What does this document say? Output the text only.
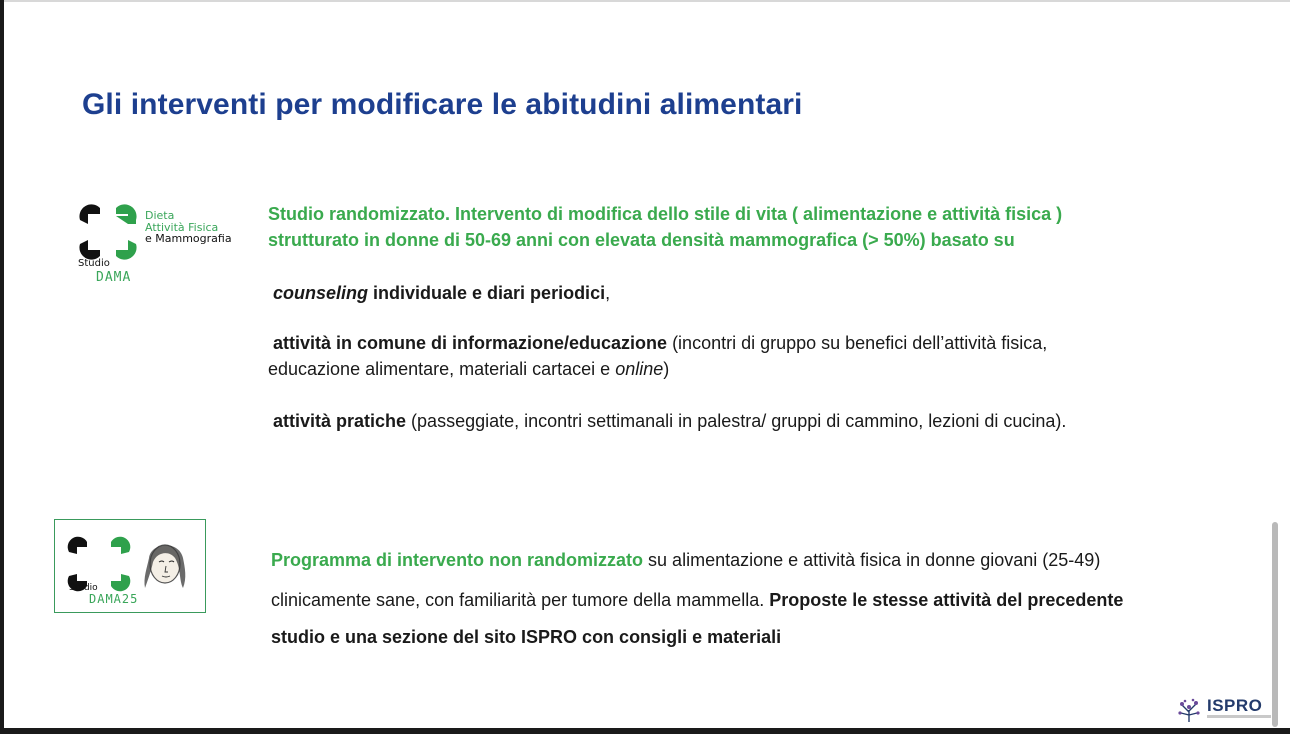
Gli interventi per modificare le abitudini alimentari
Dieta
Attività Fisica
e Mammografia
Studio
DAMA
Studio
DAMA25

Studio randomizzato. Intervento di modifica dello stile di vita ( alimentazione e attività fisica )

strutturato in donne di 50-69 anni con elevata densità mammografica (> 50%) basato su

counseling individuale e diari periodici,

attività in comune di informazione/educazione (incontri di gruppo su benefici dell’attività fisica,

educazione alimentare, materiali cartacei e online)

attività pratiche (passeggiate, incontri settimanali in palestra/ gruppi di cammino, lezioni di cucina).

Programma di intervento non randomizzato su alimentazione e attività fisica in donne giovani (25-49)

clinicamente sane, con familiarità per tumore della mammella. Proposte le stesse attività del precedente

studio e una sezione del sito ISPRO con consigli e materiali

ISPRO
